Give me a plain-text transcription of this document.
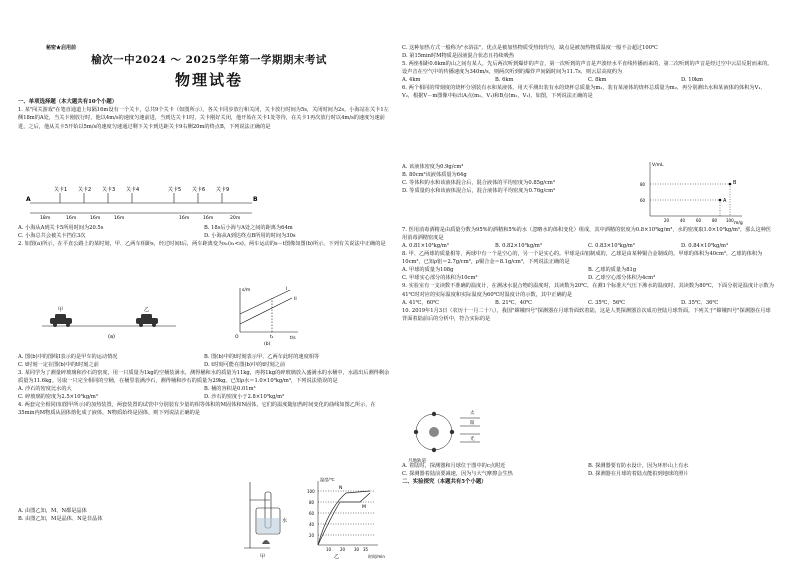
秘密★启用前
榆次一中2024 ～ 2025学年第一学期期末考试
物理试卷
一、单项选择题（本大题共有10个小题）
1. 某"闯关游戏"在笔直通道上每隔16m设有一个关卡，总共9个关卡（如图所示）。各关卡同步放行和关闭，关卡放行时间为5s，关闭时间为2s。小海站在关卡1左侧18m的A处，当关卡刚放行时，他以4m/s的速度匀速前进，当到达关卡1时，关卡刚好关闭，他开始在关卡1处等待，在关卡1再次放行时以4m/s的速度匀速前进，之后，他从关卡5开始以5m/s的速度匀速通过剩下关卡到达距关卡9右侧20m的终点B，下列说法正确的是
关卡1 关卡2 关卡3 关卡4	关卡5 关卡6 关卡9
A	B
18m	16m	16m	16m	16m	16m	20m
A. 小海从A到关卡5所用时间为20.5s	B. 18s后小海与A处之间的距离为64m
C. 小海总共会被关卡挡住3次	D. 小海从A到达终点B所用的时间为30s
2. 如图(a)所示，在平直公路上的某时刻，甲、乙两车相距s，经过时间t后，两车距离变为s₁(s₁<s)。两车运动的s－t图像如图(b)所示。下列有关说法中正确的是
甲	乙
(a)
s/m
t/s
I
II
O	t₁
(b)
A. 图(b)中的图线I表示的是甲车的运动情况	B. 图(b)中的t时刻表示甲、乙两车此时的速度相等
C. t时刻一定在图(b)中的t时刻之前	D. t时刻可能在图(b)中的t时刻之前
3. 某同学为了测量碎玻璃和沙石的密度，用一只质量为1kg的空桶装满水，测得桶和水的质量为11kg，再将1kg的碎玻璃放入盛满水的水桶中，水溢出后测得剩余质量为11.6kg。另取一只完全相同的空桶，在桶里装满沙石，测得桶和沙石的质量为29kg。已知ρ水＝1.0×10³kg/m³，下列说法错误的是
A. 沙石的密度比水的大	B. 桶的容积是0.01m³
C. 碎玻璃的密度为2.5×10³kg/m³	D. 沙石的密度小于2.8×10³kg/m³
4. 两套完全相同(如图甲所示)的加热装置，两套装置的试管中分别装有少量的相等体积的M固体和N固体，它们的温度随加热时间变化的曲线如图乙所示，在35min内M物质从固体熔化成了液体，N物质始终是固体，则下列说法正确的是
A. 由图乙知，M、N都是晶体
B. 由图乙知，M是晶体、N是非晶体	水
甲
温度/℃
100
80
60
40
20
N
M
10 20 30 35
时间/min
乙
C. 这种加热方式一般称为"水浴法"，优点是被加热物质受热较均匀，缺点是被加热物质温度一般不会超过100℃
D. 第15min时M物质是固液混合状态且持续吸热
5. 两座相距0.6km的山之间有某人，先后两次听到爆炸的声音，第一次听到的声音是声波经水平直线传播而来的，第二次听到的声音是经过空中云层反射而来的。设声音在空气中的传播速度为340m/s，则两次听到的爆炸声间隔时间为11.7s，则云层高度约为
A. 4km	B. 6km	C. 8km	D. 10km
6. 两个相同的带刻度的烧杯分别装有水和某液体，用天平测出装有水的烧杯总质量为m₁，装有某液体的烧杯总质量为m₂，再分别测出水和某液体的体积为V₁、V₂，根据V－m图像中标出A点(m₁，V₁)和B点(m₂，V₂)，如图，下列说法正确的是
A. 该液体密度为0.9g/cm³
B. 80cm³该液体质量为64g
C. 等体积的水和该液体混合后，混合液体的平均密度为0.85g/cm³
D. 等质量的水和该液体混合后，混合液体的平均密度为0.76g/cm³
V/mL
m/g
B
A
80
60
20	40	60	80 100
7. 医用消毒酒精是由质量分数为95%的酒精和5%的水（忽略水的体积变化）组成，其中酒精的密度为0.8×10³kg/m³，水的密度取1.0×10³kg/m³，那么这种医用消毒酒精密度是
A. 0.81×10³kg/m³	B. 0.82×10³kg/m³	C. 0.83×10³kg/m³	D. 0.84×10³kg/m³
8. 甲、乙两球的质量相等，两球中有一个是空心的，另一个是实心的。甲球是由铝制成的，乙球是由某种铜合金制成的。甲球的体积为40cm³，乙球的体积为10cm³，已知ρ铝＝2.7g/cm³，ρ铜合金＝8.1g/cm³，下列说法正确的是
A. 甲球的质量为108g	B. 乙球的质量为81g
C. 甲球实心部分的体积为10cm³	D. 乙球空心部分体积为4cm³
9. 实验室有一支读数不准确的温度计，在测冰水混合物的温度时，其读数为20℃，在测1个标准大气压下沸水的温度时，其读数为80℃，下面分别是温度计示数为41℃时对应的实际温度和实际温度为60℃时温度计的示数，其中正确的是
A. 41℃、60℃	B. 21℃、40℃	C. 35℃、56℃	D. 35℃、36℃
10. 2019年1月3日（农历十一月二十八），我国"嫦娥四号"探测器在月球背面软着陆，这是人类探测器首次成功登陆月球背面。下列关于"嫦娥四号"探测器在月球背面着陆前后的分析中，符合实际的是
太
阳
光
月地轨道
A. 着陆时，探测器和月球位于图中的c点附近	B. 探测器要有防水设计，因为环形山上有水
C. 探测器着陆前要减速，因为与大气摩擦会生热	D. 探测器在月球的着陆点能拍到地球的照片
二、实验探究（本题共有5个小题）
